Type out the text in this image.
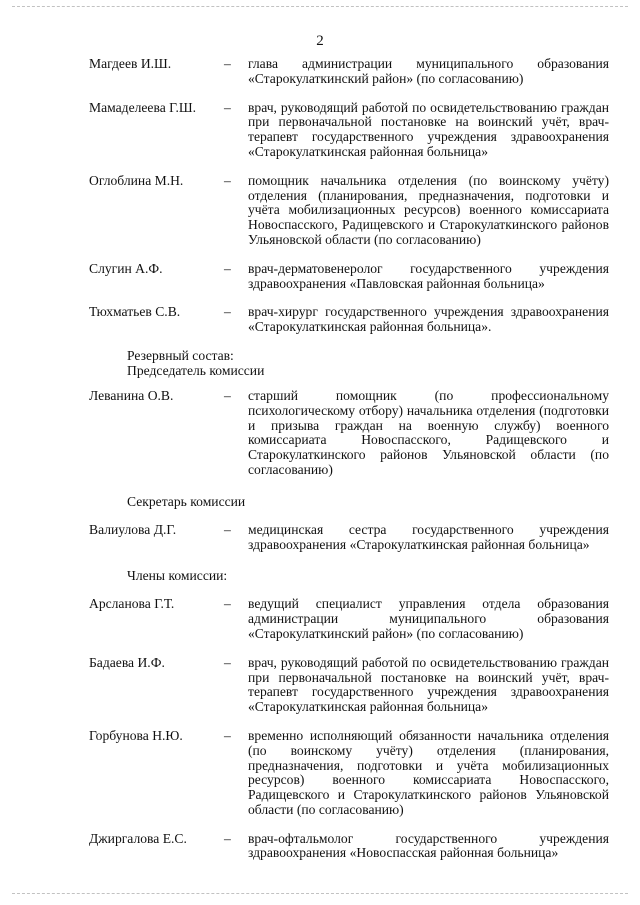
2
Магдеев И.Ш.	–	глава администрации муниципального образования «Старокулаткинский район» (по согласованию)
Мамаделеева Г.Ш.	–	врач, руководящий работой по освидетельствованию граждан при первоначальной постановке на воинский учёт, врач-терапевт государственного учреждения здравоохранения «Старокулаткинская районная больница»
Оглоблина М.Н.	–	помощник начальника отделения (по воинскому учёту) отделения (планирования, предназначения, подготовки и учёта мобилизационных ресурсов) военного комиссариата Новоспасского, Радищевского и Старокулаткинского районов Ульяновской области (по согласованию)
Слугин А.Ф.	–	врач-дерматовенеролог государственного учреждения здравоохранения «Павловская районная больница»
Тюхматьев С.В.	–	врач-хирург государственного учреждения здравоохранения «Старокулаткинская районная больница».
Резервный состав:
Председатель комиссии
Леванина О.В.	–	старший помощник (по профессиональному психологическому отбору) начальника отделения (подготовки и призыва граждан на военную службу) военного комиссариата Новоспасского, Радищевского и Старокулаткинского районов Ульяновской области (по согласованию)
Секретарь комиссии
Валиулова Д.Г.	–	медицинская сестра государственного учреждения здравоохранения «Старокулаткинская районная больница»
Члены комиссии:
Арсланова Г.Т.	–	ведущий специалист управления отдела образования администрации муниципального образования «Старокулаткинский район» (по согласованию)
Бадаева И.Ф.	–	врач, руководящий работой по освидетельствованию граждан при первоначальной постановке на воинский учёт, врач-терапевт государственного учреждения здравоохранения «Старокулаткинская районная больница»
Горбунова Н.Ю.	–	временно исполняющий обязанности начальника отделения (по воинскому учёту) отделения (планирования, предназначения, подготовки и учёта мобилизационных ресурсов) военного комиссариата Новоспасского, Радищевского и Старокулаткинского районов Ульяновской области (по согласованию)
Джиргалова Е.С.	–	врач-офтальмолог государственного учреждения здравоохранения «Новоспасская районная больница»
